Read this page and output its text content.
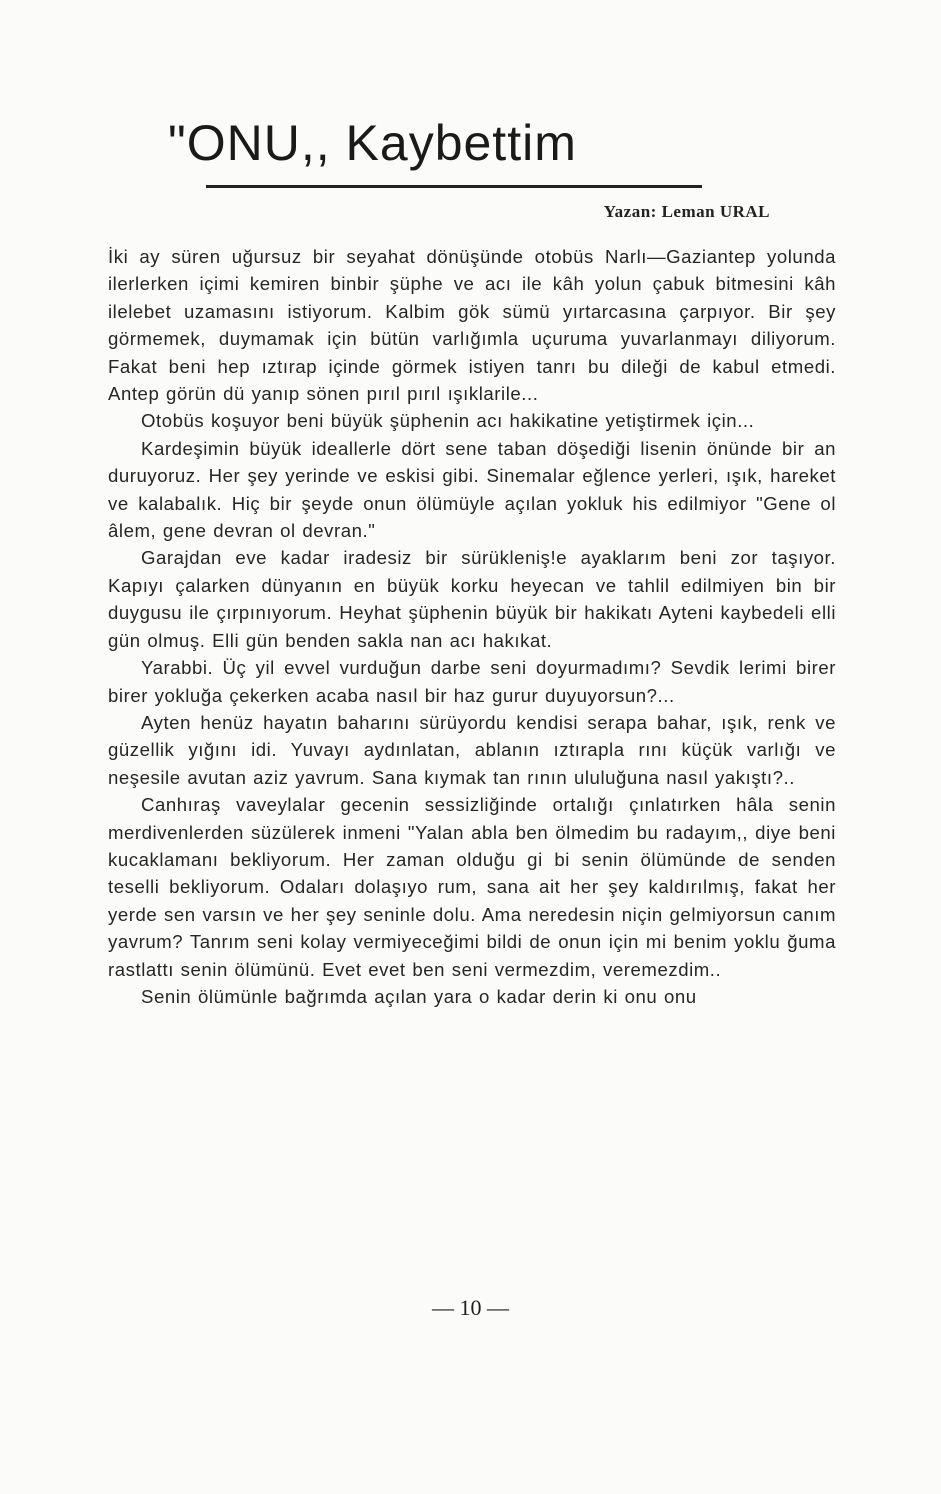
"ONU,, Kaybettim
Yazan: Leman URAL

İki ay süren uğursuz bir seyahat dönüşünde otobüs Narlı—Gaziantep yolunda ilerlerken içimi kemiren binbir şüphe ve acı ile kâh yolun çabuk bitmesini kâh ilelebet uzamasını istiyorum. Kalbim gök sümü yırtarcasına çarpıyor. Bir şey görmemek, duymamak için bütün varlığımla uçuruma yuvarlanmayı diliyorum. Fakat beni hep ıztırap içinde görmek istiyen tanrı bu dileği de kabul etmedi. Antep görün dü yanıp sönen pırıl pırıl ışıklarile...

Otobüs koşuyor beni büyük şüphenin acı hakikatine yetiştirmek için...

Kardeşimin büyük ideallerle dört sene taban döşediği lisenin önünde bir an duruyoruz. Her şey yerinde ve eskisi gibi. Sinemalar eğlence yerleri, ışık, hareket ve kalabalık. Hiç bir şeyde onun ölümüyle açılan yokluk his edilmiyor "Gene ol âlem, gene devran ol devran."

Garajdan eve kadar iradesiz bir sürükleniş!e ayaklarım beni zor taşıyor. Kapıyı çalarken dünyanın en büyük korku heyecan ve tahlil edilmiyen bin bir duygusu ile çırpınıyorum. Heyhat şüphenin büyük bir hakikatı Ayteni kaybedeli elli gün olmuş. Elli gün benden sakla nan acı hakıkat.

Yarabbi. Üç yil evvel vurduğun darbe seni doyurmadımı? Sevdik lerimi birer birer yokluğa çekerken acaba nasıl bir haz gurur duyuyorsun?...

Ayten henüz hayatın baharını sürüyordu kendisi serapa bahar, ışık, renk ve güzellik yığını idi. Yuvayı aydınlatan, ablanın ıztırapla rını küçük varlığı ve neşesile avutan aziz yavrum. Sana kıymak tan rının ululuğuna nasıl yakıştı?..

Canhıraş vaveylalar gecenin sessizliğinde ortalığı çınlatırken hâla senin merdivenlerden süzülerek inmeni "Yalan abla ben ölmedim bu radayım,, diye beni kucaklamanı bekliyorum. Her zaman olduğu gi bi senin ölümünde de senden teselli bekliyorum. Odaları dolaşıyo rum, sana ait her şey kaldırılmış, fakat her yerde sen varsın ve her şey seninle dolu. Ama neredesin niçin gelmiyorsun canım yavrum? Tanrım seni kolay vermiyeceğimi bildi de onun için mi benim yoklu ğuma rastlattı senin ölümünü. Evet evet ben seni vermezdim, veremezdim..

Senin ölümünle bağrımda açılan yara o kadar derin ki onu onu

— 10 —
